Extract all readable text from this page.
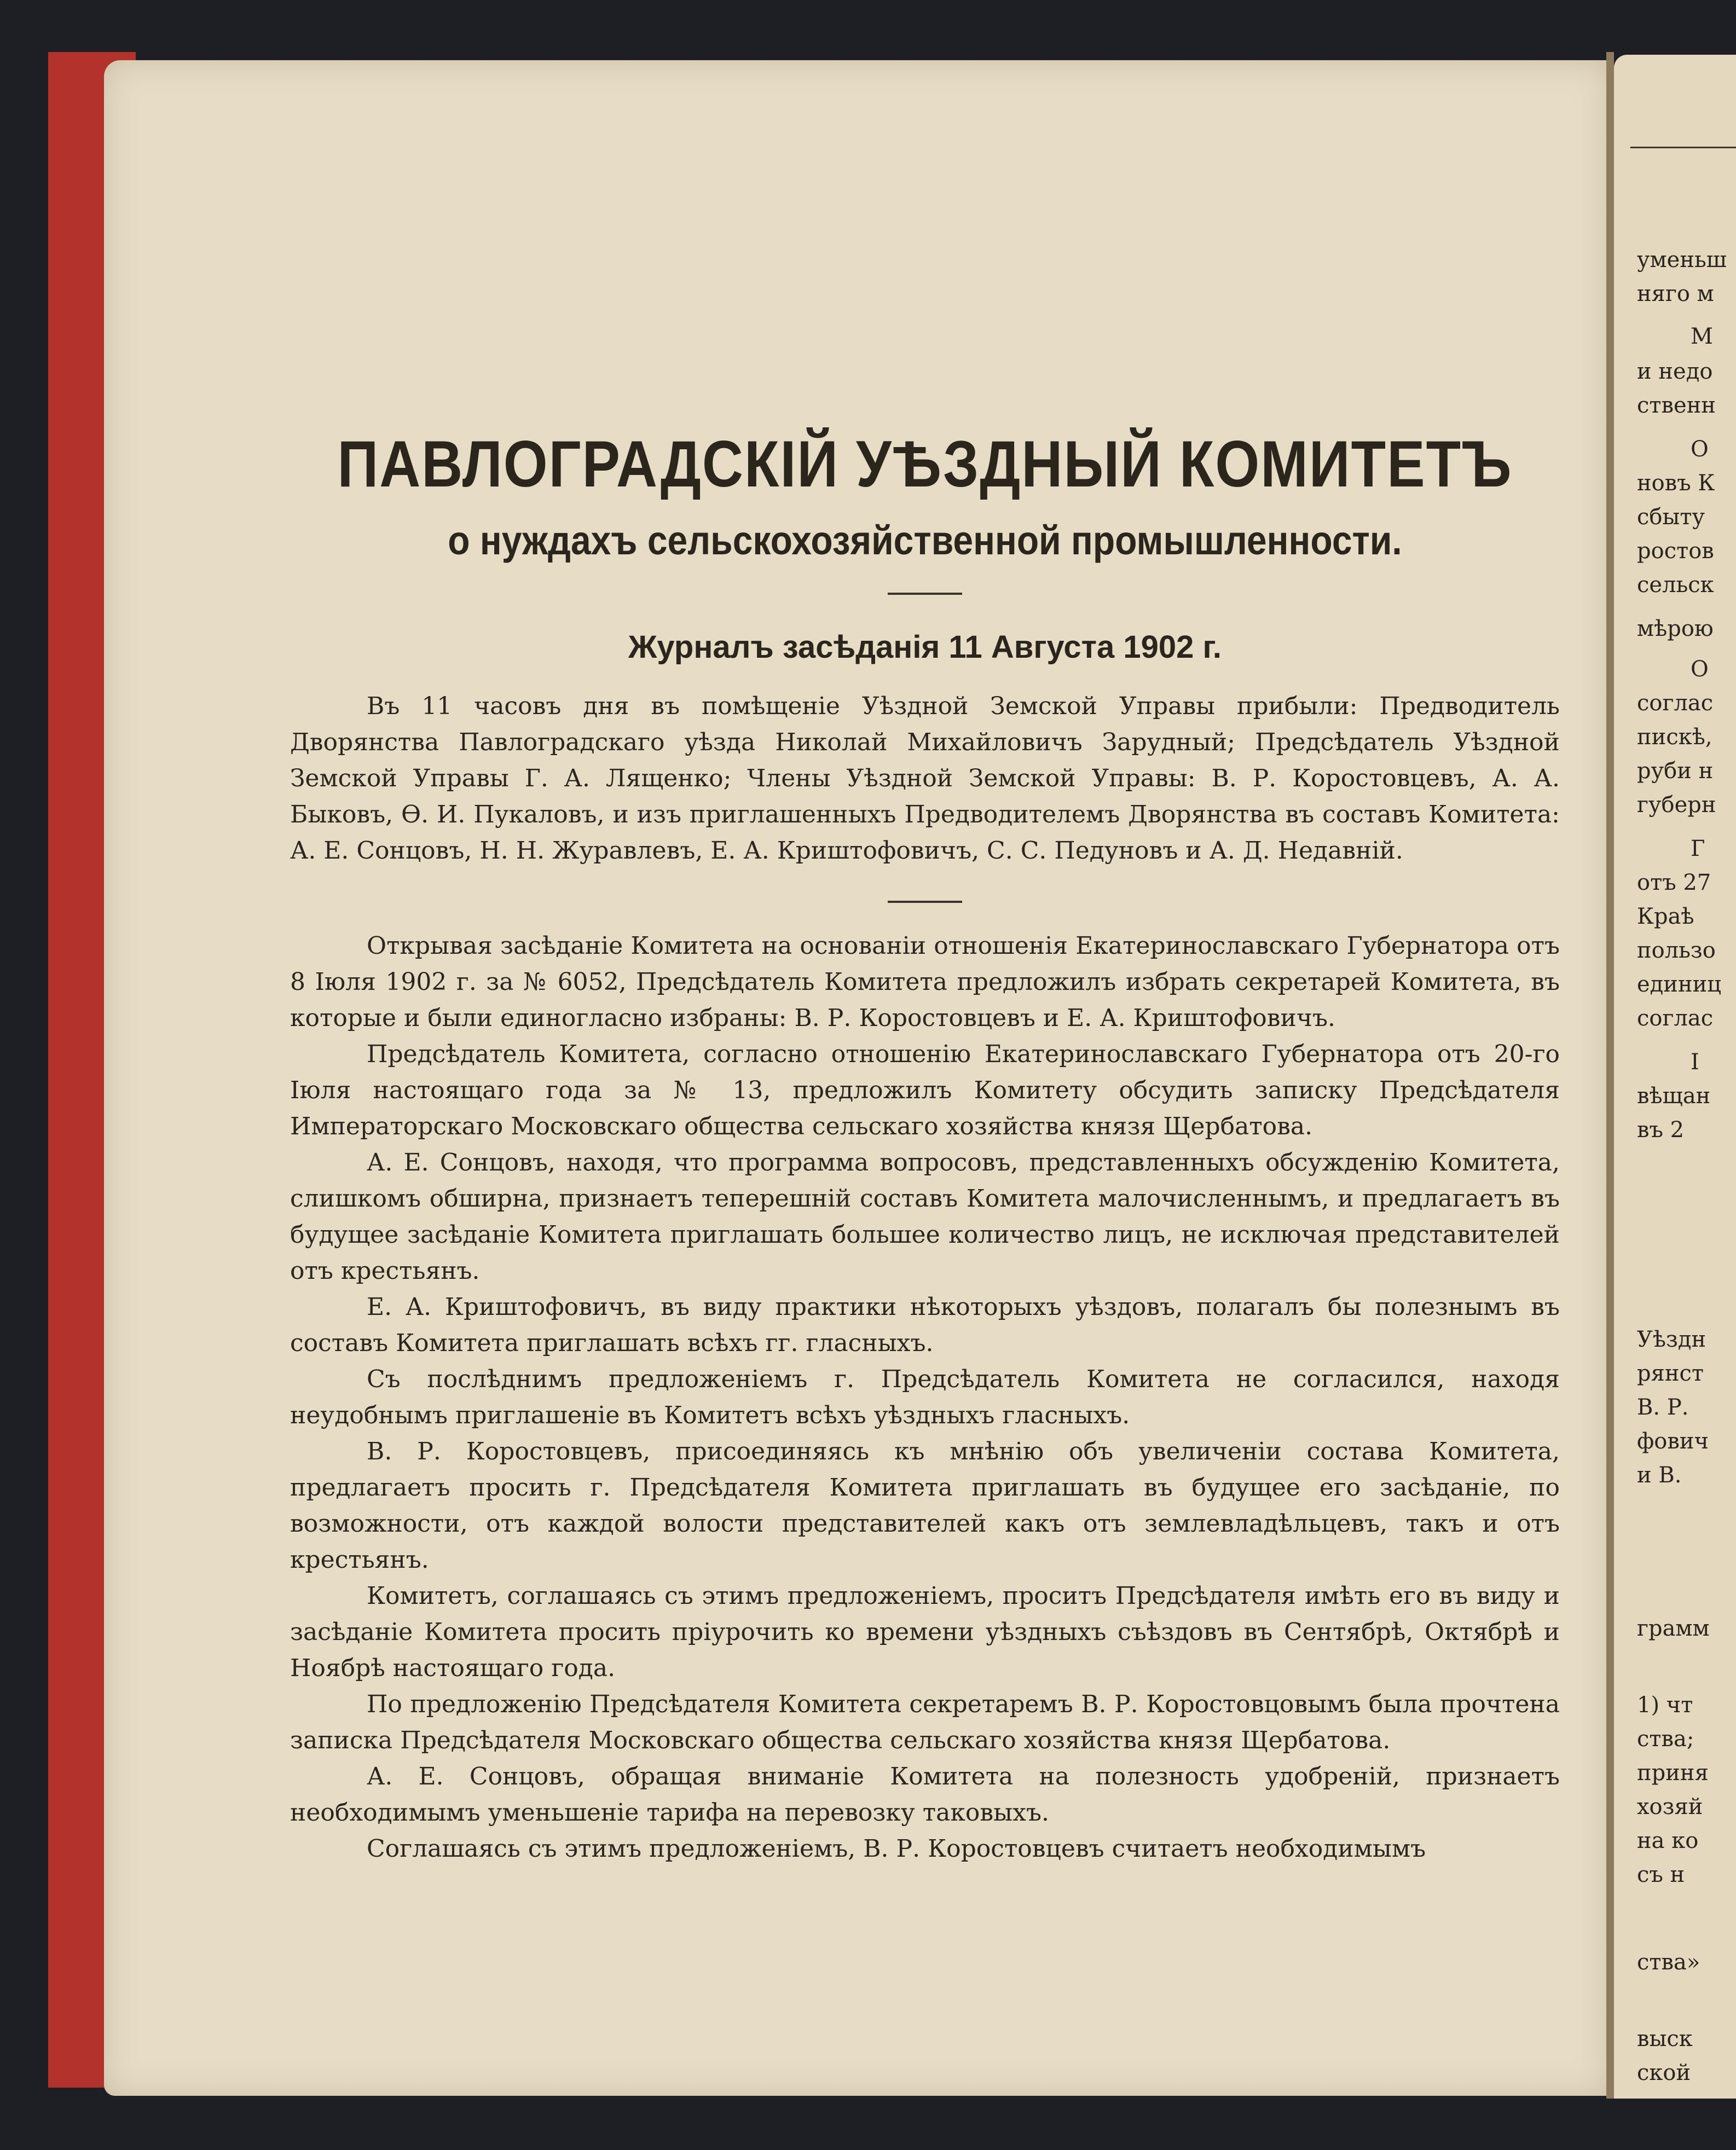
уменьш
няго м
М
и недо
ственн
О
новъ К
сбыту
ростов
сельск
мѣрою
О
соглас
пискѣ,
руби н
губерн
Г
отъ 27
Краѣ
пользо
единиц
соглас
I
вѣщан
въ 2
Уѣздн
рянст
В. Р.
фович
и В.
грамм
1) чт
ства;
приня
хозяй
на ко
съ н
ства»
выск
ской
ПАВЛОГРАДСКІЙ УѢЗДНЫЙ КОМИТЕТЪ
о нуждахъ сельскохозяйственной промышленности.
Журналъ засѣданія 11 Августа 1902 г.

Въ 11 часовъ дня въ помѣщеніе Уѣздной Земской Управы прибыли: Предводитель Дворянства Павлоградскаго уѣзда Николай Михайловичъ Зарудный; Предсѣдатель Уѣздной Земской Управы Г. А. Лященко; Члены Уѣздной Земской Управы: В. Р. Коростовцевъ, А. А. Быковъ, Ѳ. И. Пукаловъ, и изъ приглашенныхъ Предводителемъ Дворянства въ составъ Комитета: А. Е. Сонцовъ, Н. Н. Журавлевъ, Е. А. Криштофовичъ, С. С. Педуновъ и А. Д. Недавній.

Открывая засѣданіе Комитета на основаніи отношенія Екатеринославскаго Губернатора отъ 8 Іюля 1902 г. за № 6052, Предсѣдатель Комитета предложилъ избрать секретарей Комитета, въ которые и были единогласно избраны: В. Р. Коростовцевъ и Е. А. Криштофовичъ.

Предсѣдатель Комитета, согласно отношенію Екатеринославскаго Губернатора отъ 20-го Іюля настоящаго года за № 13, предложилъ Комитету обсудить записку Предсѣдателя Императорскаго Московскаго общества сельскаго хозяйства князя Щербатова.

А. Е. Сонцовъ, находя, что программа вопросовъ, представленныхъ обсужденію Комитета, слишкомъ обширна, признаетъ теперешній составъ Комитета малочисленнымъ, и предлагаетъ въ будущее засѣданіе Комитета приглашать большее количество лицъ, не исключая представителей отъ крестьянъ.

Е. А. Криштофовичъ, въ виду практики нѣкоторыхъ уѣздовъ, полагалъ бы полезнымъ въ составъ Комитета приглашать всѣхъ гг. гласныхъ.

Съ послѣднимъ предложеніемъ г. Предсѣдатель Комитета не согласился, находя неудобнымъ приглашеніе въ Комитетъ всѣхъ уѣздныхъ гласныхъ.

В. Р. Коростовцевъ, присоединяясь къ мнѣнію объ увеличеніи состава Комитета, предлагаетъ просить г. Предсѣдателя Комитета приглашать въ будущее его засѣданіе, по возможности, отъ каждой волости представителей какъ отъ землевладѣльцевъ, такъ и отъ крестьянъ.

Комитетъ, соглашаясь съ этимъ предложеніемъ, проситъ Предсѣдателя имѣть его въ виду и засѣданіе Комитета просить пріурочить ко времени уѣздныхъ съѣздовъ въ Сентябрѣ, Октябрѣ и Ноябрѣ настоящаго года.

По предложенію Предсѣдателя Комитета секретаремъ В. Р. Коростовцовымъ была прочтена записка Предсѣдателя Московскаго общества сельскаго хозяйства князя Щербатова.

А. Е. Сонцовъ, обращая вниманіе Комитета на полезность удобреній, признаетъ необходимымъ уменьшеніе тарифа на перевозку таковыхъ.

Соглашаясь съ этимъ предложеніемъ, В. Р. Коростовцевъ считаетъ необходимымъ
